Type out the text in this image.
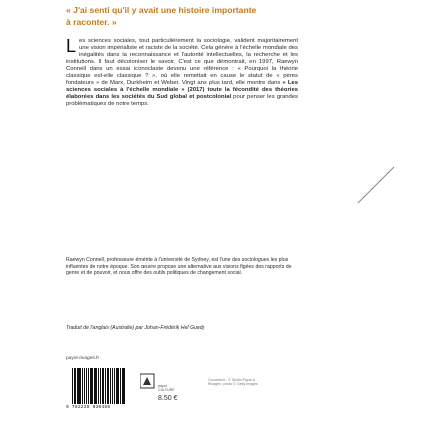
« J'ai senti qu'il y avait une histoire importante
à raconter. »

Les sciences sociales, tout particulièrement la sociologie, valident majoritairement une vision impérialiste et raciste de la société. Cela génère à l'échelle mondiale des inégalités dans la reconnaissance et l'autorité intellectuelles, la recherche et les institutions. Il faut décoloniser le savoir. C'est ce que démontrait, en 1997, Raewyn Connell dans un essai iconoclaste devenu une référence : « Pourquoi la théorie classique est-elle classique ? », où elle remettait en cause le statut de « pères fondateurs » de Marx, Durkheim et Weber. Vingt ans plus tard, elle montre dans « Les sciences sociales à l'échelle mondiale » (2017) toute la fécondité des théories élaborées dans les sociétés du Sud global et postcolonial pour penser les grandes problématiques de notre temps.

Raewyn Connell, professeure émérite à l'université de Sydney, est l'une des sociologues les plus influentes de notre époque. Son œuvre propose une alternative aux visions figées des rapports de genre et de pouvoir, et nous offre des outils politiques de changement social.

Traduit de l'anglais (Australie) par Johan-Frédérik Hel Guedj

payot-rivages.fr
9 782228 930456
payot
CULTURE
8.50 €
Couverture : © Studio Payot & Rivages ; photo © Getty Images
